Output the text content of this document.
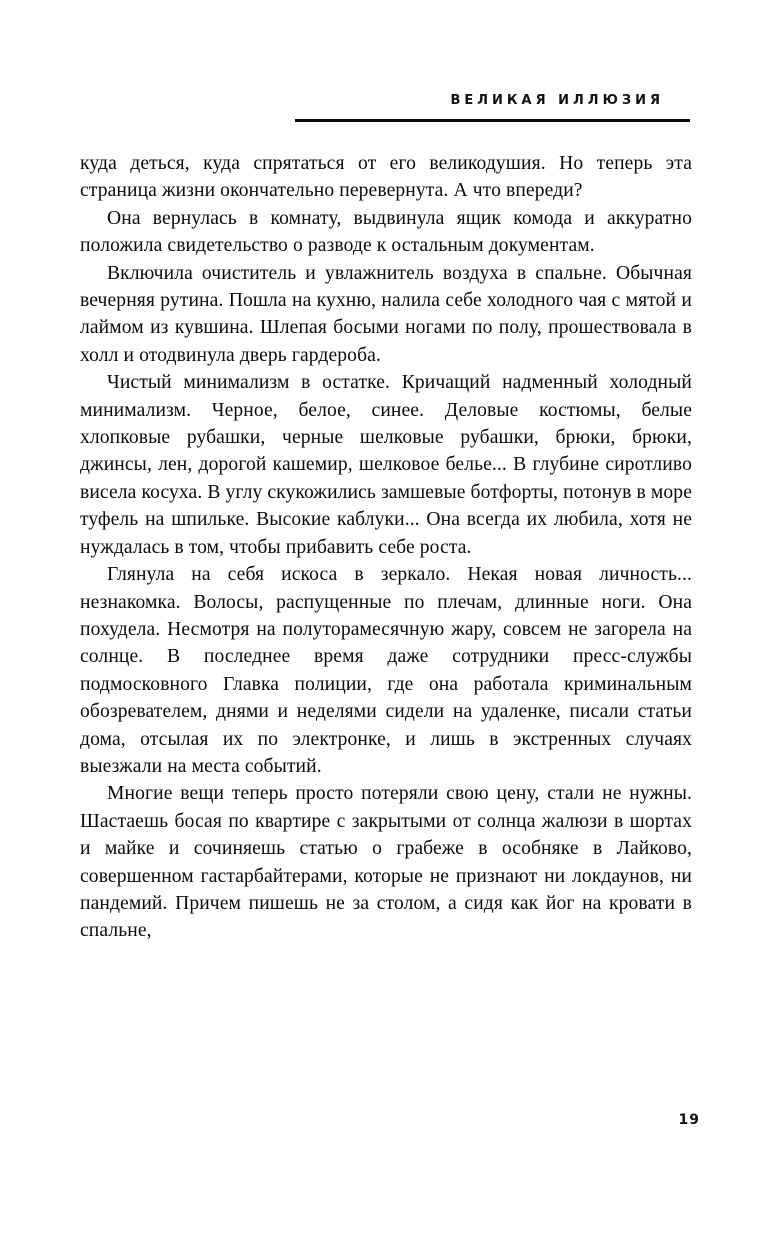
ВЕЛИКАЯ ИЛЛЮЗИЯ

куда деться, куда спрятаться от его великодушия. Но теперь эта страница жизни окончательно перевернута. А что впереди?

Она вернулась в комнату, выдвинула ящик комода и аккуратно положила свидетельство о разводе к остальным документам.

Включила очиститель и увлажнитель воздуха в спальне. Обычная вечерняя рутина. Пошла на кухню, налила себе холодного чая с мятой и лаймом из кувшина. Шлепая босыми ногами по полу, прошествовала в холл и отодвинула дверь гардероба.

Чистый минимализм в остатке. Кричащий надменный холодный минимализм. Черное, белое, синее. Деловые костюмы, белые хлопковые рубашки, черные шелковые рубашки, брюки, брюки, джинсы, лен, дорогой кашемир, шелковое белье... В глубине сиротливо висела косуха. В углу скукожились замшевые ботфорты, потонув в море туфель на шпильке. Высокие каблуки... Она всегда их любила, хотя не нуждалась в том, чтобы прибавить себе роста.

Глянула на себя искоса в зеркало. Некая новая личность... незнакомка. Волосы, распущенные по плечам, длинные ноги. Она похудела. Несмотря на полуторамесячную жару, совсем не загорела на солнце. В последнее время даже сотрудники пресс-службы подмосковного Главка полиции, где она работала криминальным обозревателем, днями и неделями сидели на удаленке, писали статьи дома, отсылая их по электронке, и лишь в экстренных случаях выезжали на места событий.

Многие вещи теперь просто потеряли свою цену, стали не нужны. Шастаешь босая по квартире с закрытыми от солнца жалюзи в шортах и майке и сочиняешь статью о грабеже в особняке в Лайково, совершенном гастарбайтерами, которые не признают ни локдаунов, ни пандемий. Причем пишешь не за столом, а сидя как йог на кровати в спальне,

19
